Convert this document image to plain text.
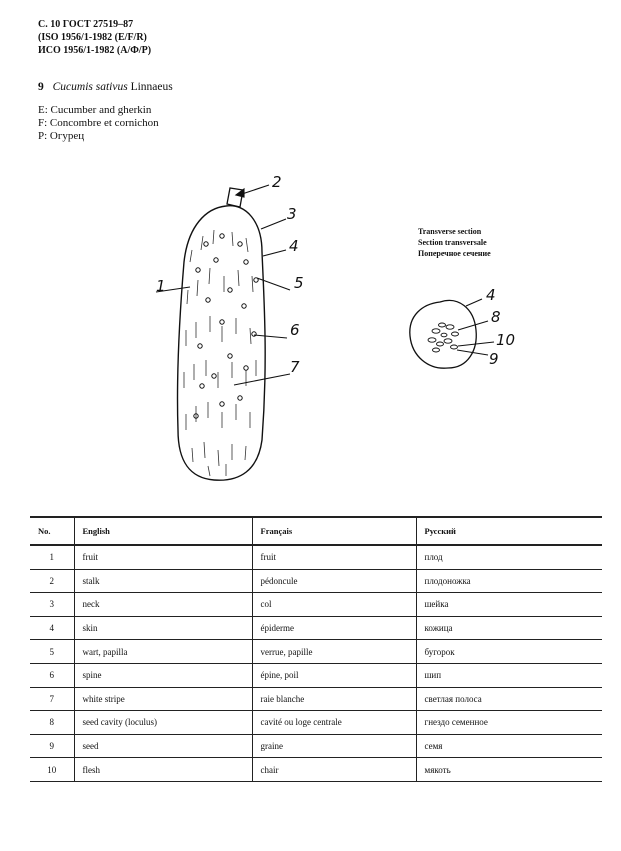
С. 10 ГОСТ 27519–87
(ISO 1956/1-1982 (E/F/R)
ИСО 1956/1-1982 (А/Ф/Р)
9 Cucumis sativus Linnaeus
E: Cucumber and gherkin
F: Concombre et cornichon
P: Огурец
Transverse section
Section transversale
Поперечное сечение
2
3
4
5
6
7
1	4
8
10
9
No.	English	Français	Русский
1	fruit	fruit	плод
2	stalk	pédoncule	плодоножка
3	neck	col	шейка
4	skin	épiderme	кожица
5	wart, papilla	verrue, papille	бугорок
6	spine	épine, poil	шип
7	white stripe	raie blanche	светлая полоса
8	seed cavity (loculus)	cavité ou loge centrale	гнездо семенное
9	seed	graine	семя
10	flesh	chair	мякоть
